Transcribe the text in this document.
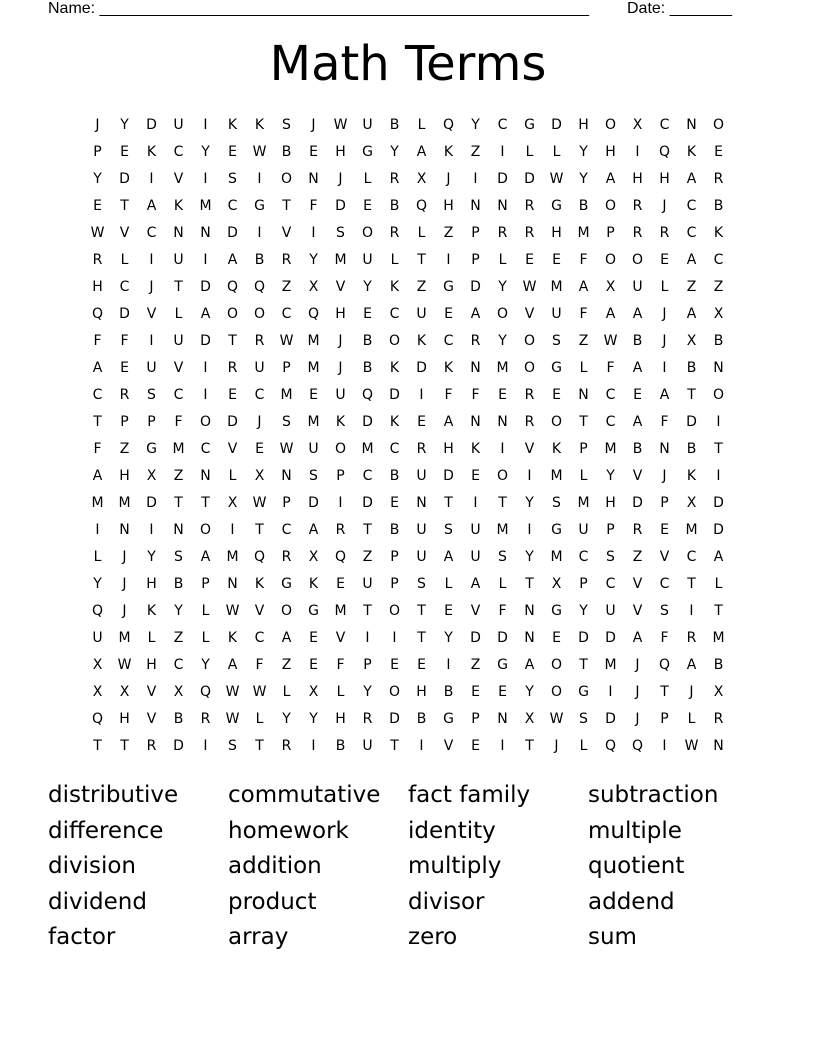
Name: _______________________________________________________ Date: _______
Math Terms
J	Y	D	U	I	K	K	S	J	W	U	B	L	Q	Y	C	G	D	H	O	X	C	N	O
P	E	K	C	Y	E	W	B	E	H	G	Y	A	K	Z	I	L	L	Y	H	I	Q	K	E
Y	D	I	V	I	S	I	O	N	J	L	R	X	J	I	D	D	W	Y	A	H	H	A	R
E	T	A	K	M	C	G	T	F	D	E	B	Q	H	N	N	R	G	B	O	R	J	C	B
W	V	C	N	N	D	I	V	I	S	O	R	L	Z	P	R	R	H	M	P	R	R	C	K
R	L	I	U	I	A	B	R	Y	M	U	L	T	I	P	L	E	E	F	O	O	E	A	C
H	C	J	T	D	Q	Q	Z	X	V	Y	K	Z	G	D	Y	W	M	A	X	U	L	Z	Z
Q	D	V	L	A	O	O	C	Q	H	E	C	U	E	A	O	V	U	F	A	A	J	A	X
F	F	I	U	D	T	R	W	M	J	B	O	K	C	R	Y	O	S	Z	W	B	J	X	B
A	E	U	V	I	R	U	P	M	J	B	K	D	K	N	M	O	G	L	F	A	I	B	N
C	R	S	C	I	E	C	M	E	U	Q	D	I	F	F	E	R	E	N	C	E	A	T	O
T	P	P	F	O	D	J	S	M	K	D	K	E	A	N	N	R	O	T	C	A	F	D	I
F	Z	G	M	C	V	E	W	U	O	M	C	R	H	K	I	V	K	P	M	B	N	B	T
A	H	X	Z	N	L	X	N	S	P	C	B	U	D	E	O	I	M	L	Y	V	J	K	I
M	M	D	T	T	X	W	P	D	I	D	E	N	T	I	T	Y	S	M	H	D	P	X	D
I	N	I	N	O	I	T	C	A	R	T	B	U	S	U	M	I	G	U	P	R	E	M	D
L	J	Y	S	A	M	Q	R	X	Q	Z	P	U	A	U	S	Y	M	C	S	Z	V	C	A
Y	J	H	B	P	N	K	G	K	E	U	P	S	L	A	L	T	X	P	C	V	C	T	L
Q	J	K	Y	L	W	V	O	G	M	T	O	T	E	V	F	N	G	Y	U	V	S	I	T
U	M	L	Z	L	K	C	A	E	V	I	I	T	Y	D	D	N	E	D	D	A	F	R	M
X	W	H	C	Y	A	F	Z	E	F	P	E	E	I	Z	G	A	O	T	M	J	Q	A	B
X	X	V	X	Q	W W	L	X	L	Y	O	H	B	E	E	Y	O	G	I	J	T	J	X
Q	H	V	B	R	W	L	Y	Y	H	R	D	B	G	P	N	X	W	S	D	J	P	L	R
T	T	R	D	I	S	T	R	I	B	U	T	I	V	E	I	T	J	L	Q	Q	I	W	N
distributive	commutative	fact family	subtraction
difference	homework	identity	multiple
division	addition	multiply	quotient
dividend	product	divisor	addend
factor	array	zero	sum
